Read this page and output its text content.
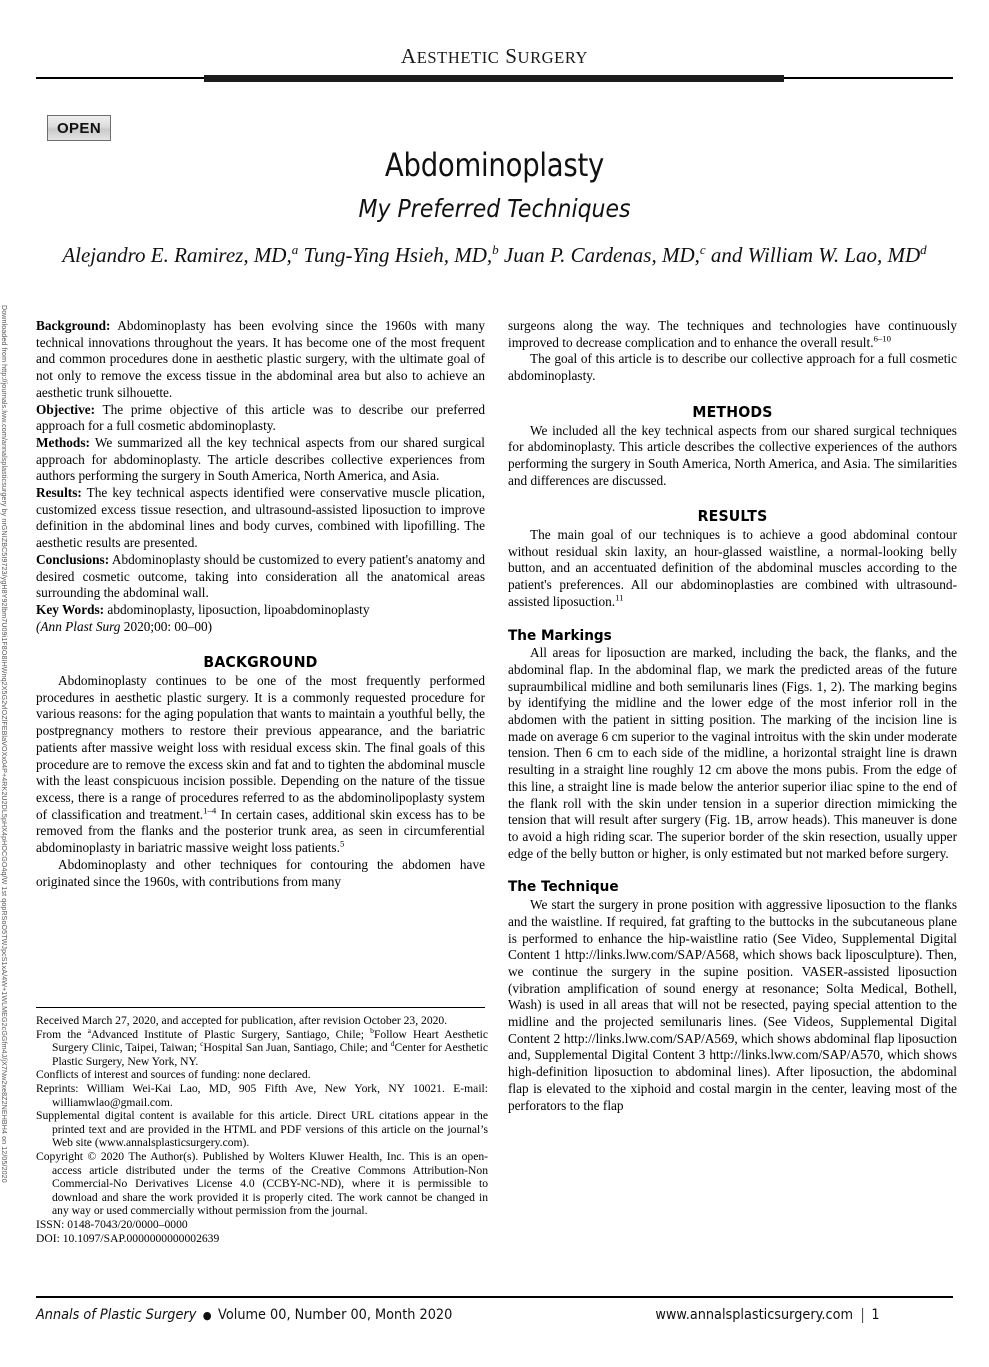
AESTHETIC SURGERY
OPEN
Abdominoplasty
My Preferred Techniques
Alejandro E. Ramirez, MD,$^a$ Tung-Ying Hsieh, MD,$^b$ Juan P. Cardenas, MD,$^c$ and William W. Lao, $MD^d$

Background: Abdominoplasty has been evolving since the 1960s with many technical innovations throughout the years. It has become one of the most frequent and common procedures done in aesthetic plastic surgery, with the ultimate goal of not only to remove the excess tissue in the abdominal area but also to achieve an aesthetic trunk silhouette.

Objective: The prime objective of this article was to describe our preferred approach for a full cosmetic abdominoplasty.

Methods: We summarized all the key technical aspects from our shared surgical approach for abdominoplasty. The article describes collective experiences from authors performing the surgery in South America, North America, and Asia.

Results: The key technical aspects identified were conservative muscle plication, customized excess tissue resection, and ultrasound-assisted liposuction to improve definition in the abdominal lines and body curves, combined with lipofilling. The aesthetic results are presented.

Conclusions: Abdominoplasty should be customized to every patient's anatomy and desired cosmetic outcome, taking into consideration all the anatomical areas surrounding the abdominal wall.

Key Words: abdominoplasty, liposuction, lipoabdominoplasty

(Ann Plast Surg 2020;00: 00–00)

BACKGROUND

Abdominoplasty continues to be one of the most frequently performed procedures in aesthetic plastic surgery. It is a commonly requested procedure for various reasons: for the aging population that wants to maintain a youthful belly, the postpregnancy mothers to restore their previous appearance, and the bariatric patients after massive weight loss with residual excess skin. The final goals of this procedure are to remove the excess skin and fat and to tighten the abdominal muscle with the least conspicuous incision possible. Depending on the nature of the tissue excess, there is a range of procedures referred to as the abdominolipoplasty system of classification and treatment.$^{1-4}$ In certain cases, additional skin excess has to be removed from the flanks and the posterior trunk area, as seen in circumferential abdominoplasty in bariatric massive weight loss patients.$^5$

Abdominoplasty and other techniques for contouring the abdomen have originated since the 1960s, with contributions from many

surgeons along the way. The techniques and technologies have continuously improved to decrease complication and to enhance the overall result.$^{6-10}$

The goal of this article is to describe our collective approach for a full cosmetic abdominoplasty.

METHODS

We included all the key technical aspects from our shared surgical techniques for abdominoplasty. This article describes the collective experiences of the authors performing the surgery in South America, North America, and Asia. The similarities and differences are discussed.

RESULTS

The main goal of our techniques is to achieve a good abdominal contour without residual skin laxity, an hour-glassed waistline, a normal-looking belly button, and an accentuated definition of the abdominal muscles according to the patient's preferences. All our abdominoplasties are combined with ultrasound-assisted liposuction.$^{11}$

The Markings

All areas for liposuction are marked, including the back, the flanks, and the abdominal flap. In the abdominal flap, we mark the predicted areas of the future supraumbilical midline and both semilunaris lines (Figs. 1, 2). The marking begins by identifying the midline and the lower edge of the most inferior roll in the abdomen with the patient in sitting position. The marking of the incision line is made on average 6 cm superior to the vaginal introitus with the skin under moderate tension. Then 6 cm to each side of the midline, a horizontal straight line is drawn resulting in a straight line roughly 12 cm above the mons pubis. From the edge of this line, a straight line is made below the anterior superior iliac spine to the end of the flank roll with the skin under tension in a superior direction mimicking the tension that will result after surgery (Fig. 1B, arrow heads). This maneuver is done to avoid a high riding scar. The superior border of the skin resection, usually upper edge of the belly button or higher, is only estimated but not marked before surgery.

The Technique

We start the surgery in prone position with aggressive liposuction to the flanks and the waistline. If required, fat grafting to the buttocks in the subcutaneous plane is performed to enhance the hip-waistline ratio (See Video, Supplemental Digital Content 1 http://links.lww.com/SAP/A568, which shows back liposculpture). Then, we continue the surgery in the supine position. VASER-assisted liposuction (vibration amplification of sound energy at resonance; Solta Medical, Bothell, Wash) is used in all areas that will not be resected, paying special attention to the midline and the projected semilunaris lines. (See Videos, Supplemental Digital Content 2 http://links.lww.com/SAP/A569, which shows abdominal flap liposuction and, Supplemental Digital Content 3 http://links.lww.com/SAP/A570, which shows high-definition liposuction to abdominal lines). After liposuction, the abdominal flap is elevated to the xiphoid and costal margin in the center, leaving most of the perforators to the flap

Received March 27, 2020, and accepted for publication, after revision October 23, 2020.

From the $^a$Advanced Institute of Plastic Surgery, Santiago, Chile; $^b$Follow Heart Aesthetic Surgery Clinic, Taipei, Taiwan; $^c$Hospital San Juan, Santiago, Chile; and $^d$Center for Aesthetic Plastic Surgery, New York, NY.

Conflicts of interest and sources of funding: none declared.

Reprints: William Wei-Kai Lao, MD, 905 Fifth Ave, New York, NY 10021. E-mail: williamwlao@gmail.com.

Supplemental digital content is available for this article. Direct URL citations appear in the printed text and are provided in the HTML and PDF versions of this article on the journal’s Web site (www.annalsplasticsurgery.com).

Copyright © 2020 The Author(s). Published by Wolters Kluwer Health, Inc. This is an open-access article distributed under the terms of the Creative Commons Attribution-Non Commercial-No Derivatives License 4.0 (CCBY-NC-ND), where it is permissible to download and share the work provided it is properly cited. The work cannot be changed in any way or used commercially without permission from the journal.

ISSN: 0148-7043/20/0000–0000

DOI: 10.1097/SAP.0000000000002639

Annals of Plastic Surgery ● Volume 00, Number 00, Month 2020	www.annalsplasticsurgery.com 1
Downloaded from http://journals.lww.com/annalsplasticsurgery by nrGNIZBC5I9723/ygH8Y92lbm7U09i1F8O8IHWnq2X5G2vlOZlFEBlaVOXx04P+4RK2U2DL5pHX4pHOCGO4q/W 1st qopRSoO5TWJpcS1xA/4W+1WLMEG2cGGfm4J/jX7Nw2xe8Z2NEHBH4 on 12/05/2020
